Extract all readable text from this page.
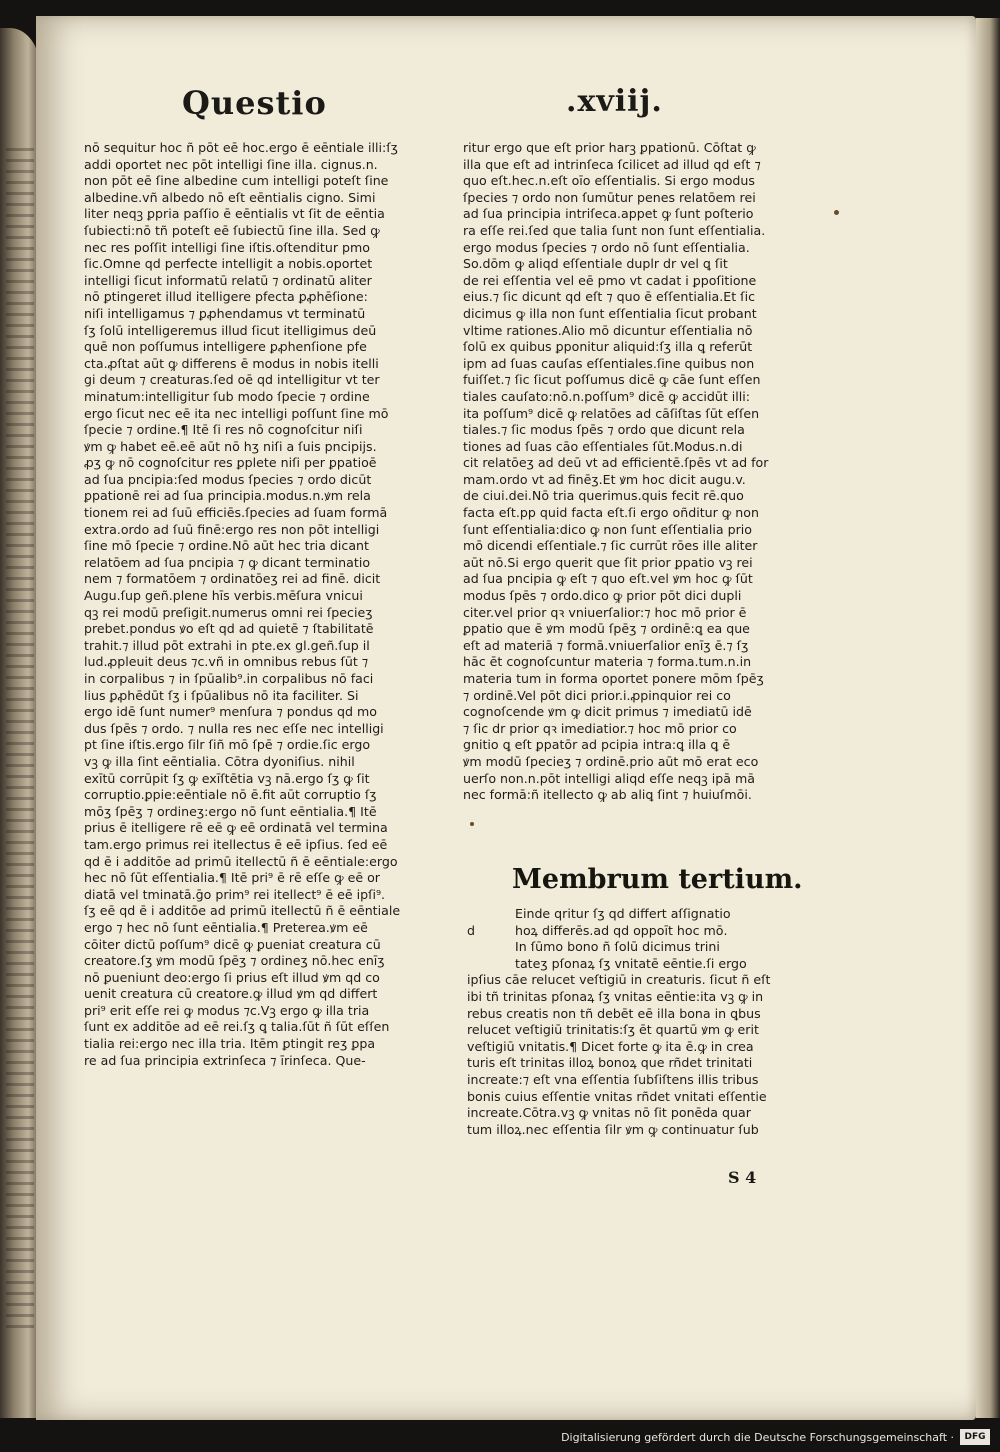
Questio	.xviij.
nō sequitur hoc ñ pōt eē hoc.ergo ē eēntiale illi:ſʒ
addi oportet nec pōt intelligi ſine illa. cignus.n.
non pōt eē ſine albedine cum intelligi poteſt ſine
albedine.vñ albedo nō eſt eēntialis cigno. Simi
liter neqꝫ ꝑpria paſſio ē eēntialis vt ſit de eēntia
ſubiecti:nō tñ poteſt eē ſubiectū ſine illa. Sed ꝙ
nec res poſſit intelligi ſine iſtis.oſtenditur pmo
ſic.Omne qd perfecte intelligit a nobis.oportet
intelligi ſicut informatū relatū ⁊ ordinatū aliter
nō ꝑtingeret illud itelligere pfecta ꝑꝓhēſione:
niſi intelligamus ⁊ ꝑꝓhendamus vt terminatū
ſʒ ſolū intelligeremus illud ſicut itelligimus deū
quē non poſſumus intelligere ꝑꝓhenſione pfe
cta.ꝓſtat aūt ꝙ differens ē modus in nobis itelli
gi deum ⁊ creaturas.ſed oē qd intelligitur vt ter
minatum:intelligitur ſub modo ſpecie ⁊ ordine
ergo ſicut nec eē ita nec intelligi poſſunt ſine mō
ſpecie ⁊ ordine.¶ Itē ſi res nō cognoſcitur niſi
ꝟm ꝙ habet eē.eē aūt nō hʒ niſi a ſuis pncipijs.
ꝓʒ ꝙ nō cognoſcitur res ꝑplete niſi per ꝑpatioē
ad ſua pncipia:ſed modus ſpecies ⁊ ordo dicūt
ꝑpationē rei ad ſua principia.modus.n.ꝟm rela
tionem rei ad ſuū efficiēs.ſpecies ad ſuam formā
extra.ordo ad ſuū finē:ergo res non pōt intelligi
ſine mō ſpecie ⁊ ordine.Nō aūt hec tria dicant
relatōem ad ſua pncipia ⁊ ꝙ dicant terminatio
nem ⁊ formatōem ⁊ ordinatōeʒ rei ad finē. dicit
Augu.ſup geñ.plene hīs verbis.mēſura vnicui
qꝫ rei modū preſigit.numerus omni rei ſpecieʒ
prebet.pondus ꝟo eſt qd ad quietē ⁊ ſtabilitatē
trahit.⁊ illud pōt extrahi in pte.ex gl.geñ.ſup il
lud.ꝓpleuit deus ⁊c.vñ in omnibus rebus ſūt ⁊
in corpalibus ⁊ in ſpūalib⁹.in corpalibus nō faci
lius ꝑꝓhēdūt ſʒ i ſpūalibus nō ita faciliter. Si
ergo idē ſunt numer⁹ menſura ⁊ pondus qd mo
dus ſpēs ⁊ ordo. ⁊ nulla res nec eſſe nec intelligi
pt ſine iſtis.ergo ſilr ſiñ mō ſpē ⁊ ordie.ſic ergo
vꝫ ꝙ illa ſint eēntialia. Cōtra dyoniſius. nihil
exītū corrūpit ſʒ ꝙ exīſtētia vꝫ nā.ergo ſʒ ꝙ ſit
corruptio.ꝑpie:eēntiale nō ē.fit aūt corruptio ſʒ
mōʒ ſpēʒ ⁊ ordineʒ:ergo nō ſunt eēntialia.¶ Itē
prius ē itelligere rē eē ꝙ eē ordinatā vel termina
tam.ergo primus rei itellectus ē eē ipſius. ſed eē
qd ē i additōe ad primū itellectū ñ ē eēntiale:ergo
hec nō ſūt eſſentialia.¶ Itē pri⁹ ē rē eſſe ꝙ eē or
diatā vel tminatā.ḡo prim⁹ rei itellect⁹ ē eē ipſi⁹.
ſʒ eē qd ē i additōe ad primū itellectū ñ ē eēntiale
ergo ⁊ hec nō ſunt eēntialia.¶ Preterea.ꝟm eē
cōiter dictū poſſum⁹ dicē ꝙ ꝑueniat creatura cū
creatore.ſʒ ꝟm modū ſpēʒ ⁊ ordineʒ nō.hec enīʒ
nō ꝑueniunt deo:ergo ſi prius eſt illud ꝟm qd co
uenit creatura cū creatore.ꝙ illud ꝟm qd differt
pri⁹ erit eſſe rei ꝙ modus ⁊c.Vꝫ ergo ꝙ illa tria
ſunt ex additōe ad eē rei.ſʒ ꝗ talia.ſūt ñ ſūt eſſen
tialia rei:ergo nec illa tria. Itēm ꝑtingit reʒ ꝑpa
re ad ſua principia extrinſeca ⁊ īrinſeca. Que-
ritur ergo que eſt prior harꝫ ꝑpationū. Cōſtat ꝙ
illa que eſt ad intrinſeca ſcilicet ad illud qd eſt ⁊
quo eſt.hec.n.eſt oīo eſſentialis. Si ergo modus
ſpecies ⁊ ordo non ſumūtur penes relatōem rei
ad ſua principia intriſeca.appet ꝙ ſunt poſterio
ra eſſe rei.ſed que talia ſunt non ſunt eſſentialia.
ergo modus ſpecies ⁊ ordo nō ſunt eſſentialia.
So.dōm ꝙ aliqd eſſentiale duplr dr vel ꝗ ſit
de rei eſſentia vel eē pmo vt cadat i ꝑpoſitione
eius.⁊ ſic dicunt qd eſt ⁊ quo ē eſſentialia.Et ſic
dicimus ꝙ illa non ſunt eſſentialia ſicut probant
vltime rationes.Alio mō dicuntur eſſentialia nō
ſolū ex quibus ꝑponitur aliquid:ſʒ illa ꝗ referūt
ipm ad ſuas cauſas eſſentiales.ſine quibus non
fuiſſet.⁊ ſic ſicut poſſumus dicē ꝙ cāe ſunt eſſen
tiales cauſato:nō.n.poſſum⁹ dicē ꝙ accidūt illi:
ita poſſum⁹ dicē ꝙ relatōes ad cāſiſtas ſūt eſſen
tiales.⁊ ſic modus ſpēs ⁊ ordo que dicunt rela
tiones ad ſuas cāo eſſentiales ſūt.Modus.n.di
cit relatōeʒ ad deū vt ad efficientē.ſpēs vt ad for
mam.ordo vt ad finēʒ.Et ꝟm hoc dicit augu.v.
de ciui.dei.Nō tria querimus.quis fecit rē.quo
facta eſt.pp quid facta eſt.ſi ergo oñditur ꝙ non
ſunt eſſentialia:dico ꝙ non ſunt eſſentialia prio
mō dicendi eſſentiale.⁊ ſic currūt rōes ille aliter
aūt nō.Si ergo querit que ſit prior ꝑpatio vꝫ rei
ad ſua pncipia ꝙ eſt ⁊ quo eſt.vel ꝟm hoc ꝙ ſūt
modus ſpēs ⁊ ordo.dico ꝙ prior pōt dici dupli
citer.vel prior qꝛ vniuerſalior:⁊ hoc mō prior ē
ꝑpatio que ē ꝟm modū ſpēʒ ⁊ ordinē:ꝗ ea que
eſt ad materiā ⁊ formā.vniuerſalior enīʒ ē.⁊ ſʒ
hāc ēt cognoſcuntur materia ⁊ forma.tum.n.in
materia tum in forma oportet ponere mōm ſpēʒ
⁊ ordinē.Vel pōt dici prior.i.ꝓpinquior rei co
cognoſcende ꝟm ꝙ dicit primus ⁊ imediatū idē
⁊ ſic dr prior qꝛ imediatior.⁊ hoc mō prior co
gnitio ꝗ eſt ꝑpatōr ad pcipia intra:ꝗ illa ꝗ ē
ꝟm modū ſpecieʒ ⁊ ordinē.prio aūt mō erat eco
uerſo non.n.pōt intelligi aliqd eſſe neqꝫ ipā mā
nec formā:ñ itellecto ꝙ ab aliꝗ ſint ⁊ huiuſmōi.
Membrum tertium.
d
Einde qritur ſʒ qd differt aſſignatio
hoꝝ differēs.ad qd oppoīt hoc mō.
In ſūmo bono ñ ſolū dicimus trini
tateʒ pſonaꝝ ſʒ vnitatē eēntie.ſi ergo
ipſius cāe relucet veſtigiū in creaturis. ſicut ñ eſt
ibi tñ trinitas pſonaꝝ ſʒ vnitas eēntie:ita vꝫ ꝙ in
rebus creatis non tñ debēt eē illa bona in ꝗbus
relucet veſtigiū trinitatis:ſʒ ēt quartū ꝟm ꝙ erit
veſtigiū vnitatis.¶ Dicet forte ꝙ ita ē.ꝙ in crea
turis eſt trinitas illoꝝ bonoꝝ que rñdet trinitati
increate:⁊ eſt vna eſſentia ſubſiſtens illis tribus
bonis cuius eſſentie vnitas rñdet vnitati eſſentie
increate.Cōtra.vꝫ ꝙ vnitas nō ſit ponēda quar
tum illoꝝ.nec eſſentia ſilr ꝟm ꝙ continuatur ſub
S 4
Digitalisierung gefördert durch die Deutsche Forschungsgemeinschaft ·	DFG
